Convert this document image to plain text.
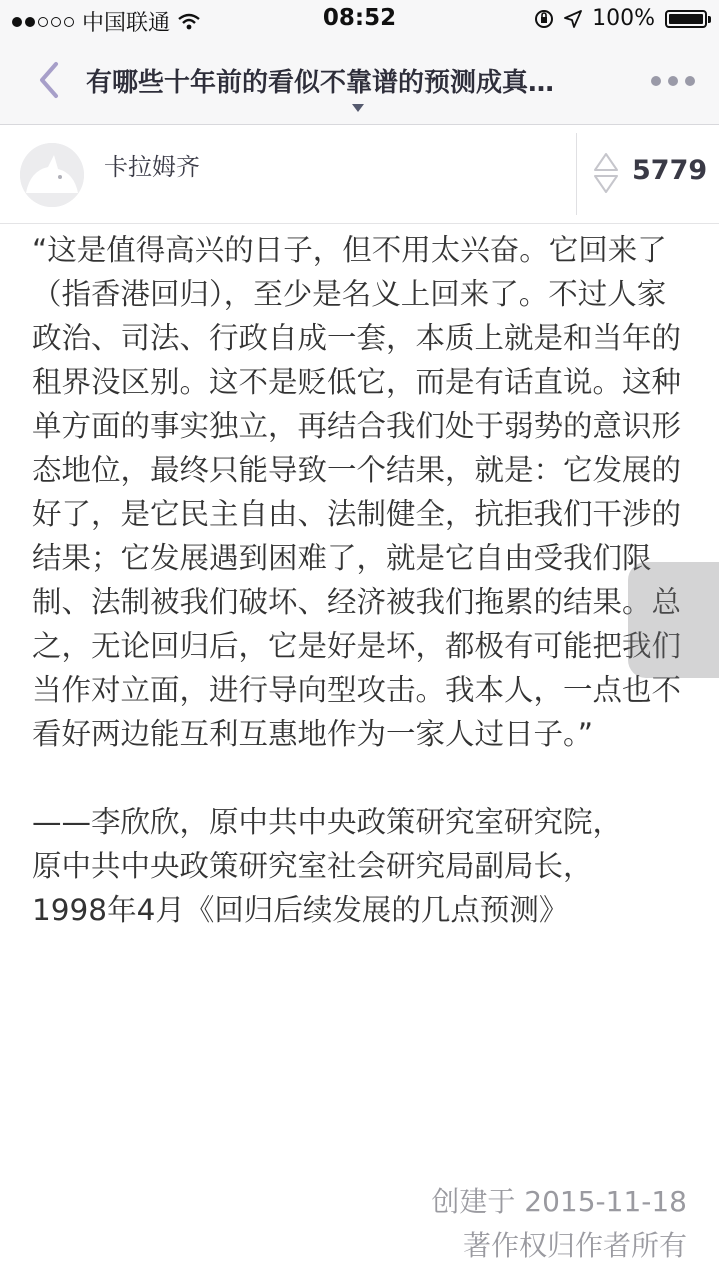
中国联通	08:52	100%
有哪些十年前的看似不靠谱的预测成真…
卡拉姆齐	5779

“这是值得高兴的日子，但不用太兴奋。它回来了（指香港回归），至少是名义上回来了。不过人家政治、司法、行政自成一套，本质上就是和当年的租界没区别。这不是贬低它，而是有话直说。这种单方面的事实独立，再结合我们处于弱势的意识形态地位，最终只能导致一个结果，就是：它发展的好了，是它民主自由、法制健全，抗拒我们干涉的结果；它发展遇到困难了，就是它自由受我们限制、法制被我们破坏、经济被我们拖累的结果。总之，无论回归后，它是好是坏，都极有可能把我们当作对立面，进行导向型攻击。我本人，一点也不看好两边能互利互惠地作为一家人过日子。”

——李欣欣，原中共中央政策研究室研究院，
原中共中央政策研究室社会研究局副局长，
1998年4月《回归后续发展的几点预测》

创建于 2015-11-18
著作权归作者所有
